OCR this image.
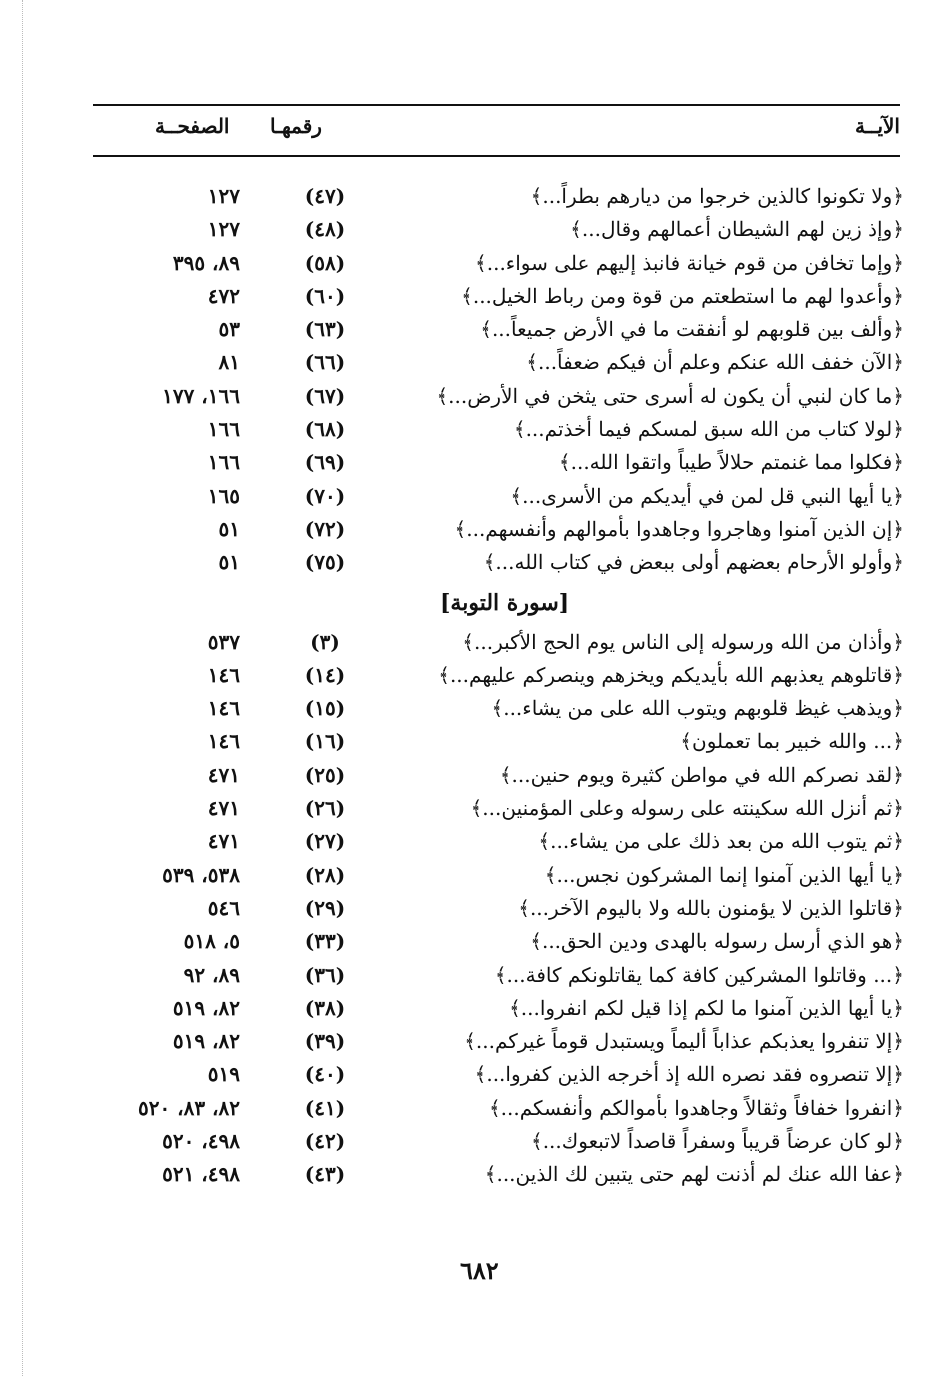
الآيــة
رقمهـا
الصفحــة
﴿ولا تكونوا كالذين خرجوا من ديارهم بطراً...﴾
(٤٧)
١٢٧
﴿وإذ زين لهم الشيطان أعمالهم وقال...﴾
(٤٨)
١٢٧
﴿وإما تخافن من قوم خيانة فانبذ إليهم على سواء...﴾
(٥٨)
٨٩، ٣٩٥
﴿وأعدوا لهم ما استطعتم من قوة ومن رباط الخيل...﴾
(٦٠)
٤٧٢
﴿وألف بين قلوبهم لو أنفقت ما في الأرض جميعاً...﴾
(٦٣)
٥٣
﴿الآن خفف الله عنكم وعلم أن فيكم ضعفاً...﴾
(٦٦)
٨١
﴿ما كان لنبي أن يكون له أسرى حتى يثخن في الأرض...﴾
(٦٧)
١٦٦، ١٧٧
﴿لولا كتاب من الله سبق لمسكم فيما أخذتم...﴾
(٦٨)
١٦٦
﴿فكلوا مما غنمتم حلالاً طيباً واتقوا الله...﴾
(٦٩)
١٦٦
﴿يا أيها النبي قل لمن في أيديكم من الأسرى...﴾
(٧٠)
١٦٥
﴿إن الذين آمنوا وهاجروا وجاهدوا بأموالهم وأنفسهم...﴾
(٧٢)
٥١
﴿وأولو الأرحام بعضهم أولى ببعض في كتاب الله...﴾
(٧٥)
٥١
[سورة التوبة]
﴿وأذان من الله ورسوله إلى الناس يوم الحج الأكبر...﴾
(٣)
٥٣٧
﴿قاتلوهم يعذبهم الله بأيديكم ويخزهم وينصركم عليهم...﴾
(١٤)
١٤٦
﴿ويذهب غيظ قلوبهم ويتوب الله على من يشاء...﴾
(١٥)
١٤٦
﴿... والله خبير بما تعملون﴾
(١٦)
١٤٦
﴿لقد نصركم الله في مواطن كثيرة ويوم حنين...﴾
(٢٥)
٤٧١
﴿ثم أنزل الله سكينته على رسوله وعلى المؤمنين...﴾
(٢٦)
٤٧١
﴿ثم يتوب الله من بعد ذلك على من يشاء...﴾
(٢٧)
٤٧١
﴿يا أيها الذين آمنوا إنما المشركون نجس...﴾
(٢٨)
٥٣٨، ٥٣٩
﴿قاتلوا الذين لا يؤمنون بالله ولا باليوم الآخر...﴾
(٢٩)
٥٤٦
﴿هو الذي أرسل رسوله بالهدى ودين الحق...﴾
(٣٣)
٥، ٥١٨
﴿... وقاتلوا المشركين كافة كما يقاتلونكم كافة...﴾
(٣٦)
٨٩، ٩٢
﴿يا أيها الذين آمنوا ما لكم إذا قيل لكم انفروا...﴾
(٣٨)
٨٢، ٥١٩
﴿إلا تنفروا يعذبكم عذاباً أليماً ويستبدل قوماً غيركم...﴾
(٣٩)
٨٢، ٥١٩
﴿إلا تنصروه فقد نصره الله إذ أخرجه الذين كفروا...﴾
(٤٠)
٥١٩
﴿انفروا خفافاً وثقالاً وجاهدوا بأموالكم وأنفسكم...﴾
(٤١)
٨٢، ٨٣، ٥٢٠
﴿لو كان عرضاً قريباً وسفراً قاصداً لاتبعوك...﴾
(٤٢)
٤٩٨، ٥٢٠
﴿عفا الله عنك لم أذنت لهم حتى يتبين لك الذين...﴾
(٤٣)
٤٩٨، ٥٢١
٦٨٢
